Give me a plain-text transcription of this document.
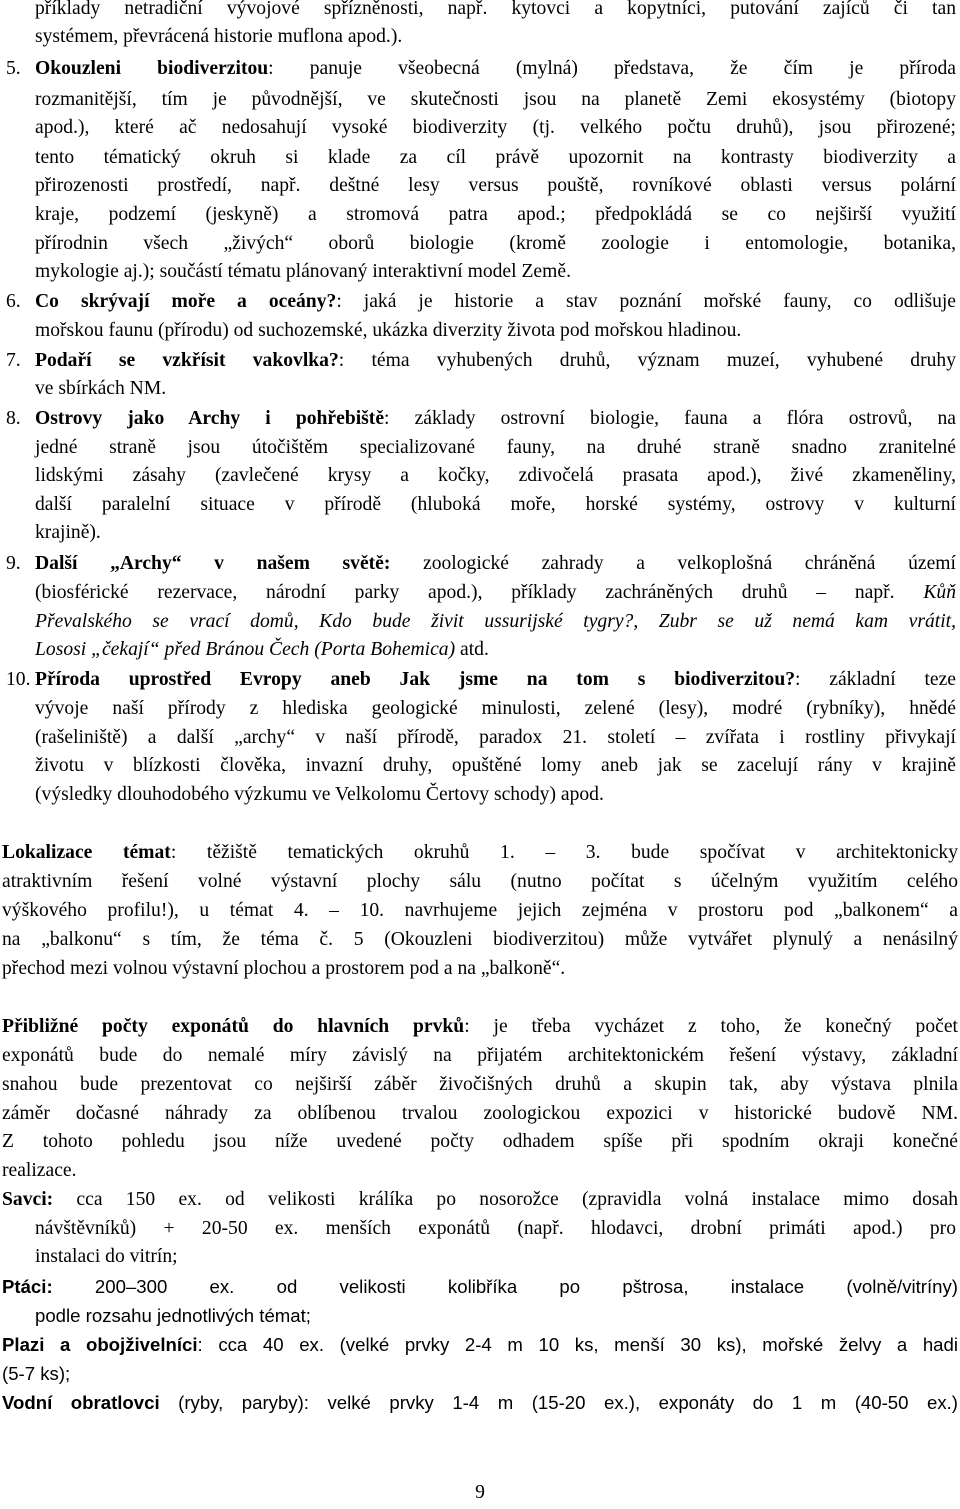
příklady netradiční vývojové spřízněnosti, např. kytovci a kopytníci, putování zajíců či tan
systémem, převrácená historie muflona apod.).
5. Okouzleni biodiverzitou: panuje všeobecná (mylná) představa, že čím je příroda
rozmanitější, tím je původnější, ve skutečnosti jsou na planetě Zemi ekosystémy (biotopy
apod.), které ač nedosahují vysoké biodiverzity (tj. velkého počtu druhů), jsou přirozené;
tento tématický okruh si klade za cíl právě upozornit na kontrasty biodiverzity a
přirozenosti prostředí, např. deštné lesy versus pouště, rovníkové oblasti versus polární
kraje, podzemí (jeskyně) a stromová patra apod.; předpokládá se co nejširší využití
přírodnin všech „živých“ oborů biologie (kromě zoologie i entomologie, botanika,
mykologie aj.); součástí tématu plánovaný interaktivní model Země.
6. Co skrývají moře a oceány?: jaká je historie a stav poznání mořské fauny, co odlišuje
mořskou faunu (přírodu) od suchozemské, ukázka diverzity života pod mořskou hladinou.
7. Podaří se vzkřísit vakovlka?: téma vyhubených druhů, význam muzeí, vyhubené druhy
ve sbírkách NM.
8. Ostrovy jako Archy i pohřebiště: základy ostrovní biologie, fauna a flóra ostrovů, na
jedné straně jsou útočištěm specializované fauny, na druhé straně snadno zranitelné
lidskými zásahy (zavlečené krysy a kočky, zdivočelá prasata apod.), živé zkameněliny,
další paralelní situace v přírodě (hluboká moře, horské systémy, ostrovy v kulturní
krajině).
9. Další „Archy“ v našem světě: zoologické zahrady a velkoplošná chráněná území
(biosférické rezervace, národní parky apod.), příklady zachráněných druhů – např. Kůň
Převalského se vrací domů, Kdo bude živit ussurijské tygry?, Zubr se už nemá kam vrátit,
Lososi „čekají“ před Bránou Čech (Porta Bohemica) atd.
10. Příroda uprostřed Evropy aneb Jak jsme na tom s biodiverzitou?: základní teze
vývoje naší přírody z hlediska geologické minulosti, zelené (lesy), modré (rybníky), hnědé
(rašeliniště) a další „archy“ v naší přírodě, paradox 21. století – zvířata i rostliny přivykají
životu v blízkosti člověka, invazní druhy, opuštěné lomy aneb jak se zacelují rány v krajině
(výsledky dlouhodobého výzkumu ve Velkolomu Čertovy schody) apod.
Lokalizace témat: těžiště tematických okruhů 1. – 3. bude spočívat v architektonicky
atraktivním řešení volné výstavní plochy sálu (nutno počítat s účelným využitím celého
výškového profilu!), u témat 4. – 10. navrhujeme jejich zejména v prostoru pod „balkonem“ a
na „balkonu“ s tím, že téma č. 5 (Okouzleni biodiverzitou) může vytvářet plynulý a nenásilný
přechod mezi volnou výstavní plochou a prostorem pod a na „balkoně“.
Přibližné počty exponátů do hlavních prvků: je třeba vycházet z toho, že konečný počet
exponátů bude do nemalé míry závislý na přijatém architektonickém řešení výstavy, základní
snahou bude prezentovat co nejširší záběr živočišných druhů a skupin tak, aby výstava plnila
záměr dočasné náhrady za oblíbenou trvalou zoologickou expozici v historické budově NM.
Z tohoto pohledu jsou níže uvedené počty odhadem spíše při spodním okraji konečné
realizace.
Savci: cca 150 ex. od velikosti králíka po nosorožce (zpravidla volná instalace mimo dosah
návštěvníků) + 20-50 ex. menších exponátů (např. hlodavci, drobní primáti apod.) pro
instalaci do vitrín;
Ptáci: 200–300 ex. od velikosti kolibříka po pštrosa, instalace (volně/vitríny)
podle rozsahu jednotlivých témat;
Plazi a obojživelníci: cca 40 ex. (velké prvky 2-4 m 10 ks, menší 30 ks), mořské želvy a hadi
(5-7 ks);
Vodní obratlovci (ryby, paryby): velké prvky 1-4 m (15-20 ex.), exponáty do 1 m (40-50 ex.)
9
